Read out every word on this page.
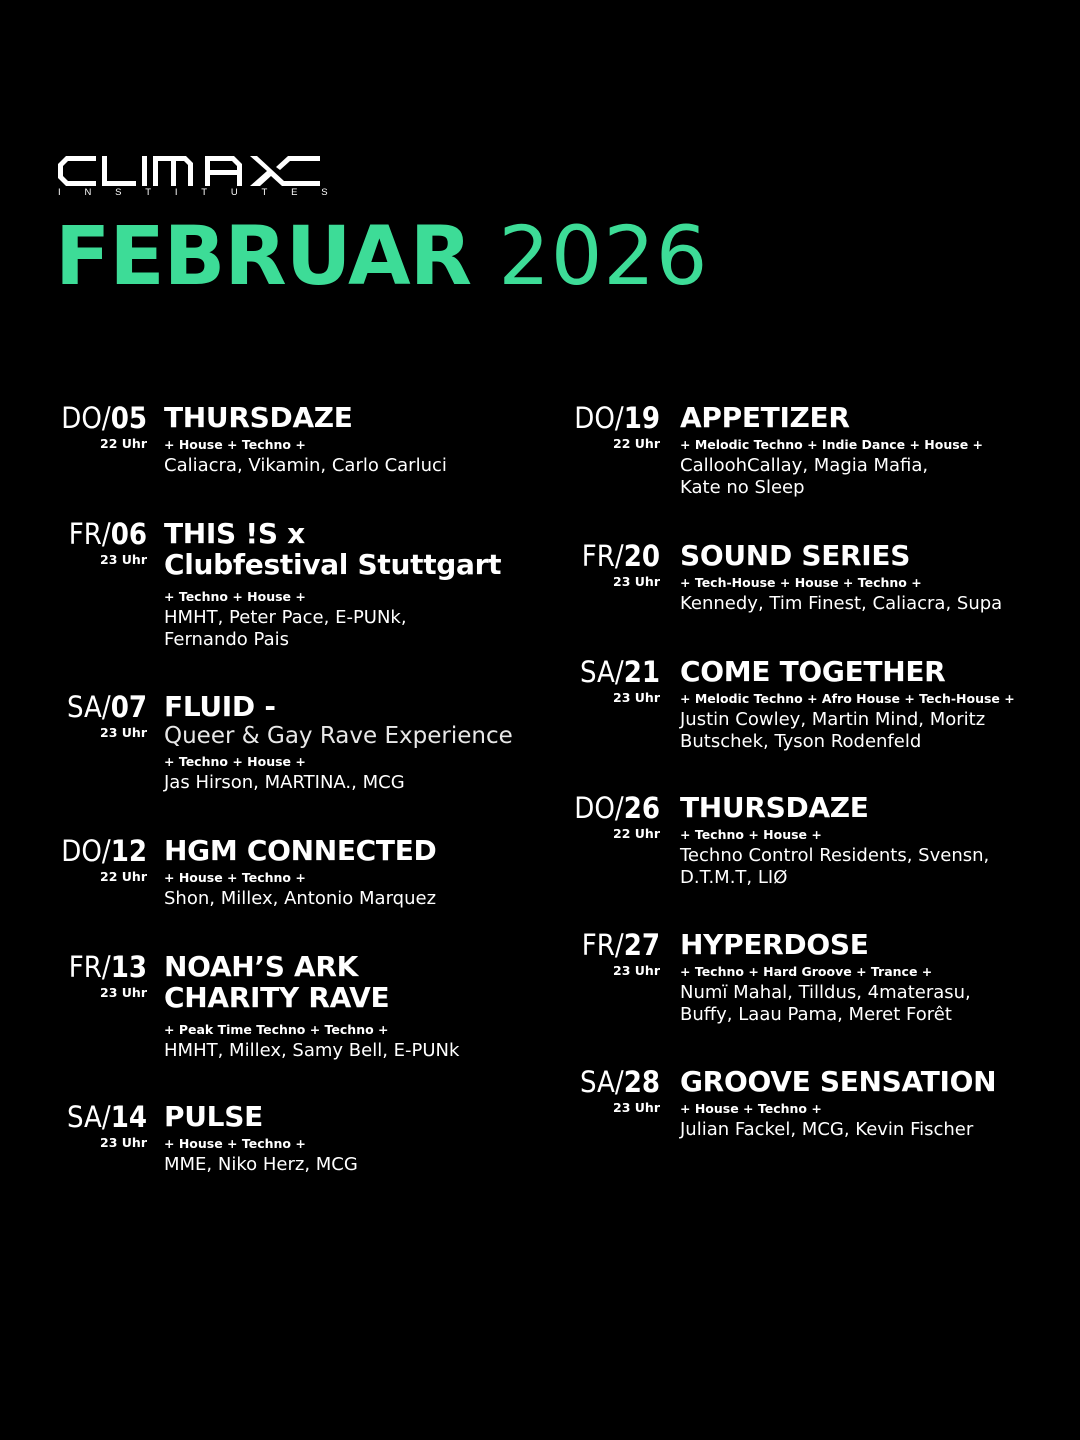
INSTITUTES
FEBRUAR 2026
DO/05
22 Uhr
THURSDAZE
+ House + Techno +
Caliacra, Vikamin, Carlo Carluci
FR/06
23 Uhr
THIS !S x
Clubfestival Stuttgart
+ Techno + House +
HMHT, Peter Pace, E-PUNk,
Fernando Pais
SA/07
23 Uhr
FLUID -
Queer & Gay Rave Experience
+ Techno + House +
Jas Hirson, MARTINA., MCG
DO/12
22 Uhr
HGM CONNECTED
+ House + Techno +
Shon, Millex, Antonio Marquez
FR/13
23 Uhr
NOAH’S ARK
CHARITY RAVE
+ Peak Time Techno + Techno +
HMHT, Millex, Samy Bell, E-PUNk
SA/14
23 Uhr
PULSE
+ House + Techno +
MME, Niko Herz, MCG
DO/19
22 Uhr
APPETIZER
+ Melodic Techno + Indie Dance + House +
CalloohCallay, Magia Mafia,
Kate no Sleep
FR/20
23 Uhr
SOUND SERIES
+ Tech-House + House + Techno +
Kennedy, Tim Finest, Caliacra, Supa
SA/21
23 Uhr
COME TOGETHER
+ Melodic Techno + Afro House + Tech-House +
Justin Cowley, Martin Mind, Moritz
Butschek, Tyson Rodenfeld
DO/26
22 Uhr
THURSDAZE
+ Techno + House +
Techno Control Residents, Svensn,
D.T.M.T, LIØ
FR/27
23 Uhr
HYPERDOSE
+ Techno + Hard Groove + Trance +
Numï Mahal, Tilldus, 4materasu,
Buffy, Laau Pama, Meret Forêt
SA/28
23 Uhr
GROOVE SENSATION
+ House + Techno +
Julian Fackel, MCG, Kevin Fischer
